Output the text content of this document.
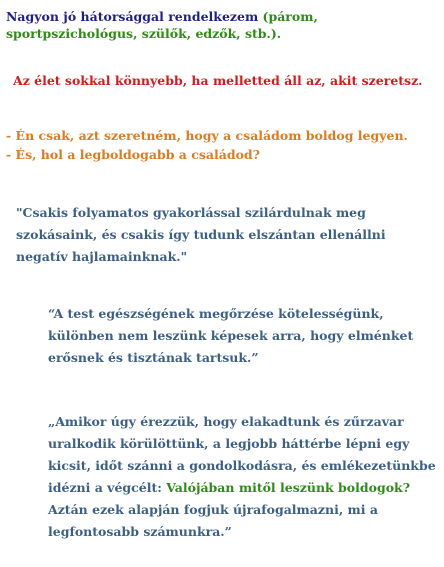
Nagyon jó hátorsággal rendelkezem (párom, sportpszichológus, szülők, edzők, stb.).

Az élet sokkal könnyebb, ha melletted áll az, akit szeretsz.

- Én csak, azt szeretném, hogy a családom boldog legyen.
- És, hol a legboldogabb a családod?

"Csakis folyamatos gyakorlással szilárdulnak meg szokásaink, és csakis így tudunk elszántan ellenállni negatív hajlamainknak."

“A test egészségének megőrzése kötelességünk, különben nem leszünk képesek arra, hogy elménket erősnek és tisztának tartsuk.”

„Amikor úgy érezzük, hogy elakadtunk és zűrzavar uralkodik körülöttünk, a legjobb háttérbe lépni egy kicsit, időt szánni a gondolkodásra, és emlékezetünkbe idézni a végcélt: Valójában mitől leszünk boldogok?
Aztán ezek alapján fogjuk újrafogalmazni, mi a legfontosabb számunkra.”
